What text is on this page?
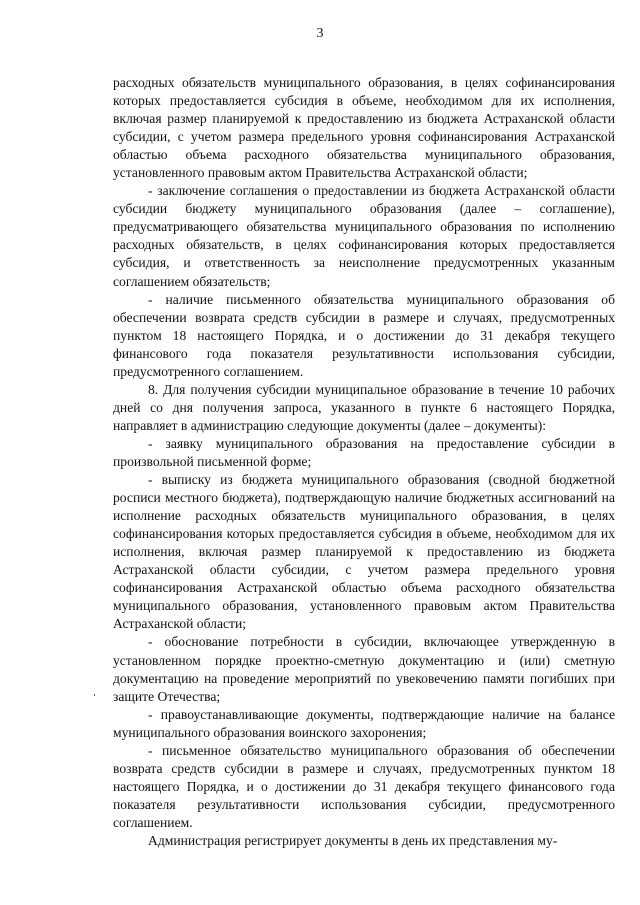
3

расходных обязательств муниципального образования, в целях софинансирования которых предоставляется субсидия в объеме, необходимом для их исполнения, включая размер планируемой к предоставлению из бюджета Астраханской области субсидии, с учетом размера предельного уровня софинансирования Астраханской областью объема расходного обязательства муниципального образования, установленного правовым актом Правительства Астраханской области;

- заключение соглашения о предоставлении из бюджета Астраханской области субсидии бюджету муниципального образования (далее – соглашение), предусматривающего обязательства муниципального образования по исполнению расходных обязательств, в целях софинансирования которых предоставляется субсидия, и ответственность за неисполнение предусмотренных указанным соглашением обязательств;

- наличие письменного обязательства муниципального образования об обеспечении возврата средств субсидии в размере и случаях, предусмотренных пунктом 18 настоящего Порядка, и о достижении до 31 декабря текущего финансового года показателя результативности использования субсидии, предусмотренного соглашением.

8. Для получения субсидии муниципальное образование в течение 10 рабочих дней со дня получения запроса, указанного в пункте 6 настоящего Порядка, направляет в администрацию следующие документы (далее – документы):

- заявку муниципального образования на предоставление субсидии в произвольной письменной форме;

- выписку из бюджета муниципального образования (сводной бюджетной росписи местного бюджета), подтверждающую наличие бюджетных ассигнований на исполнение расходных обязательств муниципального образования, в целях софинансирования которых предоставляется субсидия в объеме, необходимом для их исполнения, включая размер планируемой к предоставлению из бюджета Астраханской области субсидии, с учетом размера предельного уровня софинансирования Астраханской областью объема расходного обязательства муниципального образования, установленного правовым актом Правительства Астраханской области;

- обоснование потребности в субсидии, включающее утвержденную в установленном порядке проектно-сметную документацию и (или) сметную документацию на проведение мероприятий по увековечению памяти погибших при защите Отечества;

- правоустанавливающие документы, подтверждающие наличие на балансе муниципального образования воинского захоронения;

- письменное обязательство муниципального образования об обеспечении возврата средств субсидии в размере и случаях, предусмотренных пунктом 18 настоящего Порядка, и о достижении до 31 декабря текущего финансового года показателя результативности использования субсидии, предусмотренного соглашением.

Администрация регистрирует документы в день их представления му-
